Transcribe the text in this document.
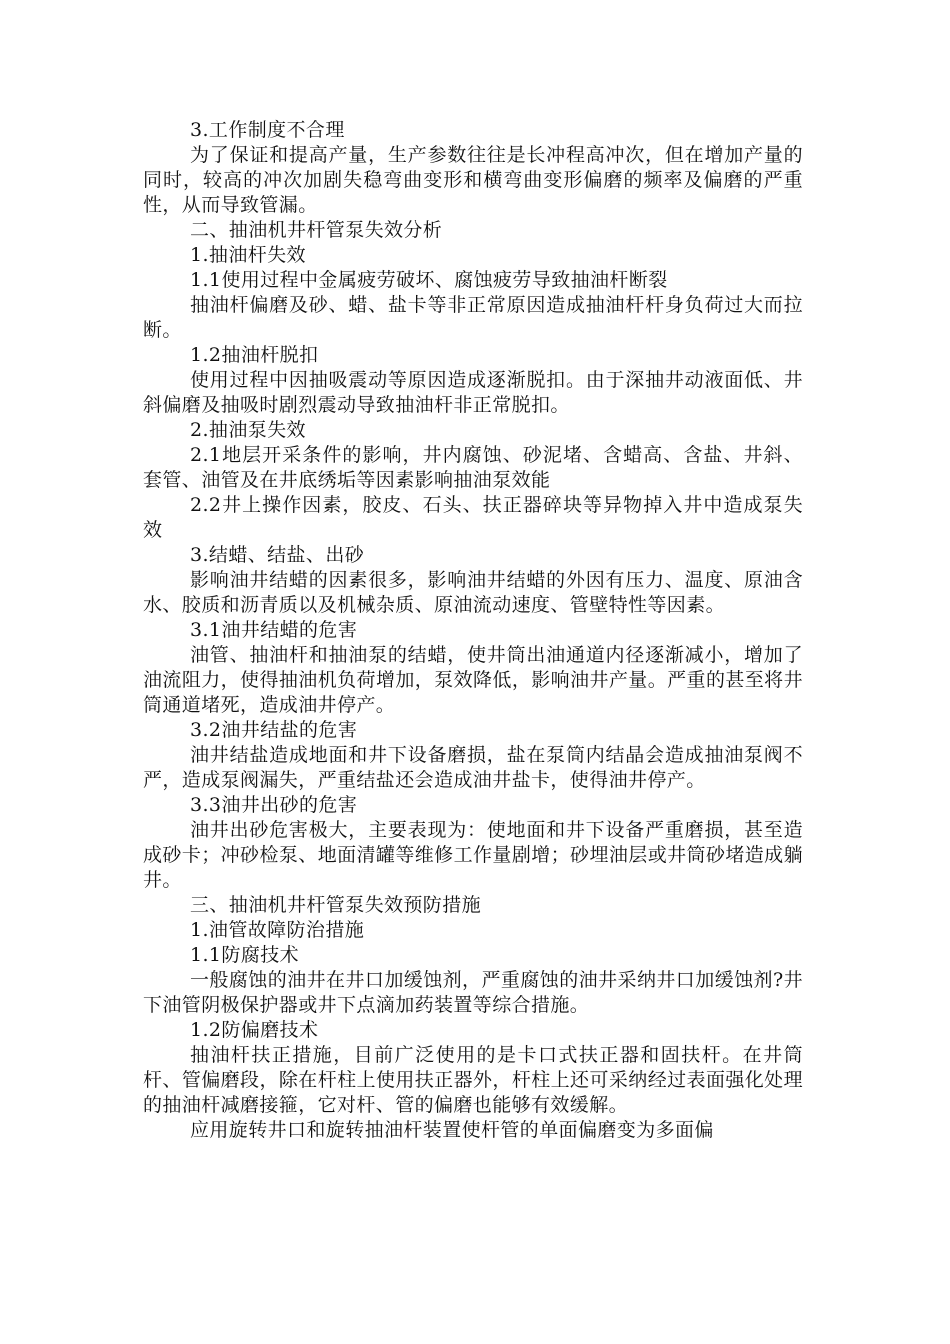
3.工作制度不合理

为了保证和提高产量，生产参数往往是长冲程高冲次，但在增加产量的同时，较高的冲次加剧失稳弯曲变形和横弯曲变形偏磨的频率及偏磨的严重性，从而导致管漏。

二、抽油机井杆管泵失效分析

1.抽油杆失效

1.1使用过程中金属疲劳破坏、腐蚀疲劳导致抽油杆断裂

抽油杆偏磨及砂、蜡、盐卡等非正常原因造成抽油杆杆身负荷过大而拉断。

1.2抽油杆脱扣

使用过程中因抽吸震动等原因造成逐渐脱扣。由于深抽井动液面低、井斜偏磨及抽吸时剧烈震动导致抽油杆非正常脱扣。

2.抽油泵失效

2.1地层开采条件的影响，井内腐蚀、砂泥堵、含蜡高、含盐、井斜、套管、油管及在井底绣垢等因素影响抽油泵效能

2.2井上操作因素，胶皮、石头、扶正器碎块等异物掉入井中造成泵失效

3.结蜡、结盐、出砂

影响油井结蜡的因素很多，影响油井结蜡的外因有压力、温度、原油含水、胶质和沥青质以及机械杂质、原油流动速度、管壁特性等因素。

3.1油井结蜡的危害

油管、抽油杆和抽油泵的结蜡，使井筒出油通道内径逐渐减小，增加了油流阻力，使得抽油机负荷增加，泵效降低，影响油井产量。严重的甚至将井筒通道堵死，造成油井停产。

3.2油井结盐的危害

油井结盐造成地面和井下设备磨损，盐在泵筒内结晶会造成抽油泵阀不严，造成泵阀漏失，严重结盐还会造成油井盐卡，使得油井停产。

3.3油井出砂的危害

油井出砂危害极大，主要表现为：使地面和井下设备严重磨损，甚至造成砂卡；冲砂检泵、地面清罐等维修工作量剧增；砂埋油层或井筒砂堵造成躺井。

三、抽油机井杆管泵失效预防措施

1.油管故障防治措施

1.1防腐技术

一般腐蚀的油井在井口加缓蚀剂，严重腐蚀的油井采纳井口加缓蚀剂?井下油管阴极保护器或井下点滴加药装置等综合措施。

1.2防偏磨技术

抽油杆扶正措施，目前广泛使用的是卡口式扶正器和固扶杆。在井筒杆、管偏磨段，除在杆柱上使用扶正器外，杆柱上还可采纳经过表面强化处理的抽油杆减磨接箍，它对杆、管的偏磨也能够有效缓解。

应用旋转井口和旋转抽油杆装置使杆管的单面偏磨变为多面偏
